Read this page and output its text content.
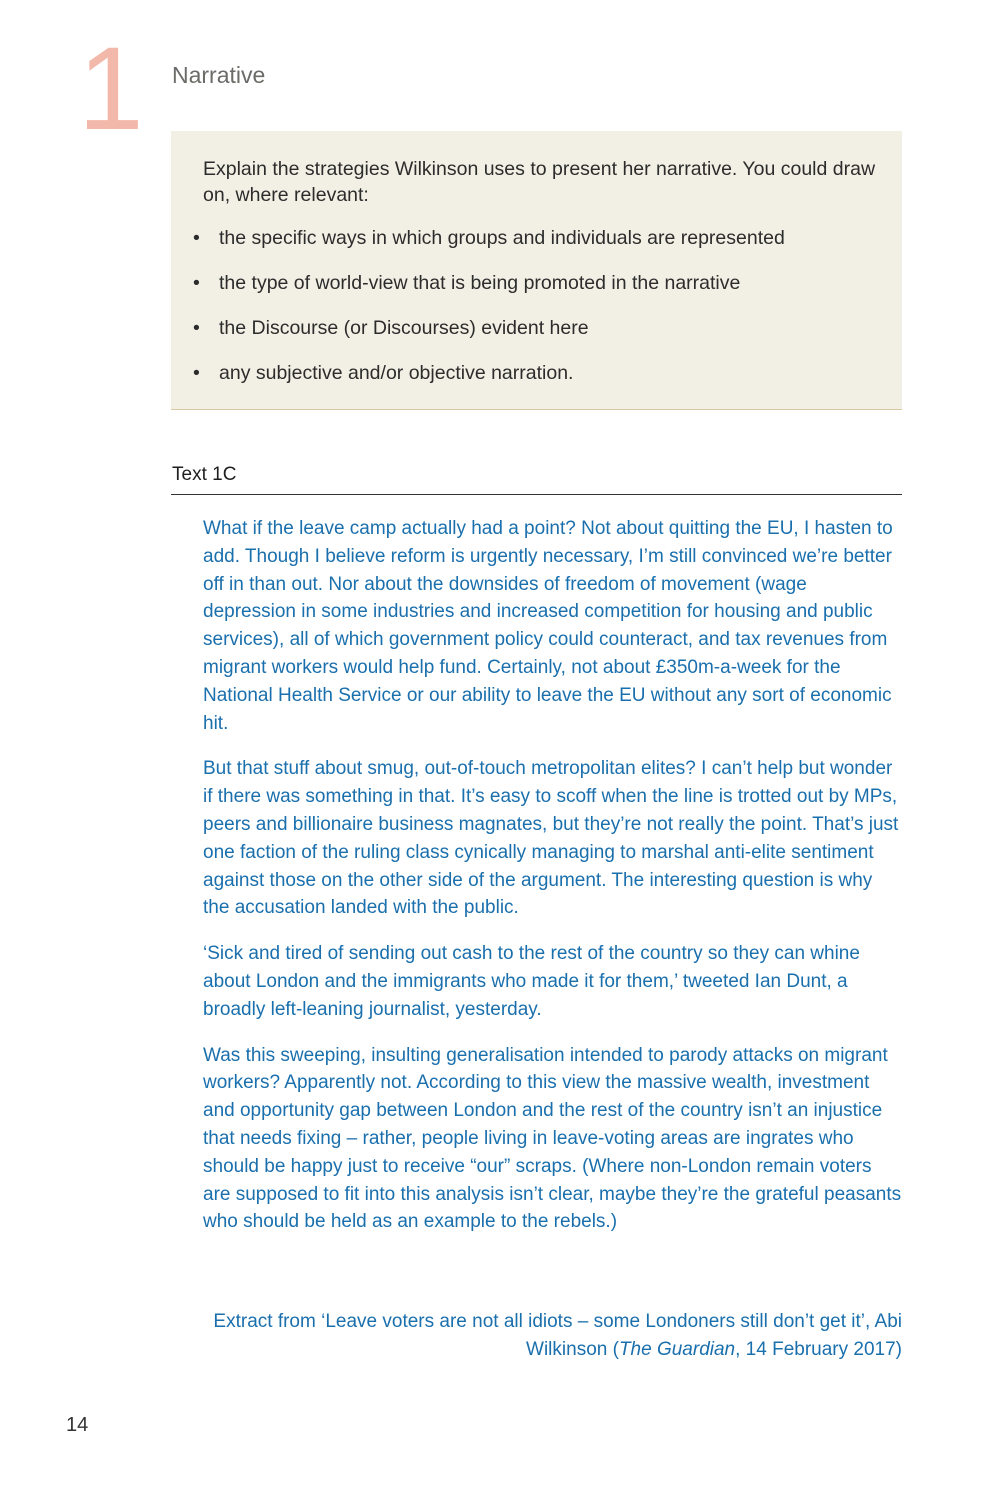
1 Narrative

Explain the strategies Wilkinson uses to present her narrative. You could draw on, where relevant:

• the specific ways in which groups and individuals are represented
• the type of world-view that is being promoted in the narrative
• the Discourse (or Discourses) evident here
• any subjective and/or objective narration.
Text 1C

What if the leave camp actually had a point? Not about quitting the EU, I hasten to add. Though I believe reform is urgently necessary, I’m still convinced we’re better off in than out. Nor about the downsides of freedom of movement (wage depression in some industries and increased competition for housing and public services), all of which government policy could counteract, and tax revenues from migrant workers would help fund. Certainly, not about £350m-a-week for the National Health Service or our ability to leave the EU without any sort of economic hit.

But that stuff about smug, out-of-touch metropolitan elites? I can’t help but wonder if there was something in that. It’s easy to scoff when the line is trotted out by MPs, peers and billionaire business magnates, but they’re not really the point. That’s just one faction of the ruling class cynically managing to marshal anti-elite sentiment against those on the other side of the argument. The interesting question is why the accusation landed with the public.

‘Sick and tired of sending out cash to the rest of the country so they can whine about London and the immigrants who made it for them,’ tweeted Ian Dunt, a broadly left-leaning journalist, yesterday.

Was this sweeping, insulting generalisation intended to parody attacks on migrant workers? Apparently not. According to this view the massive wealth, investment and opportunity gap between London and the rest of the country isn’t an injustice that needs fixing – rather, people living in leave-voting areas are ingrates who should be happy just to receive “our” scraps. (Where non-London remain voters are supposed to fit into this analysis isn’t clear, maybe they’re the grateful peasants who should be held as an example to the rebels.)

Extract from ‘Leave voters are not all idiots – some Londoners still don’t get it’, Abi Wilkinson (The Guardian, 14 February 2017)
14
